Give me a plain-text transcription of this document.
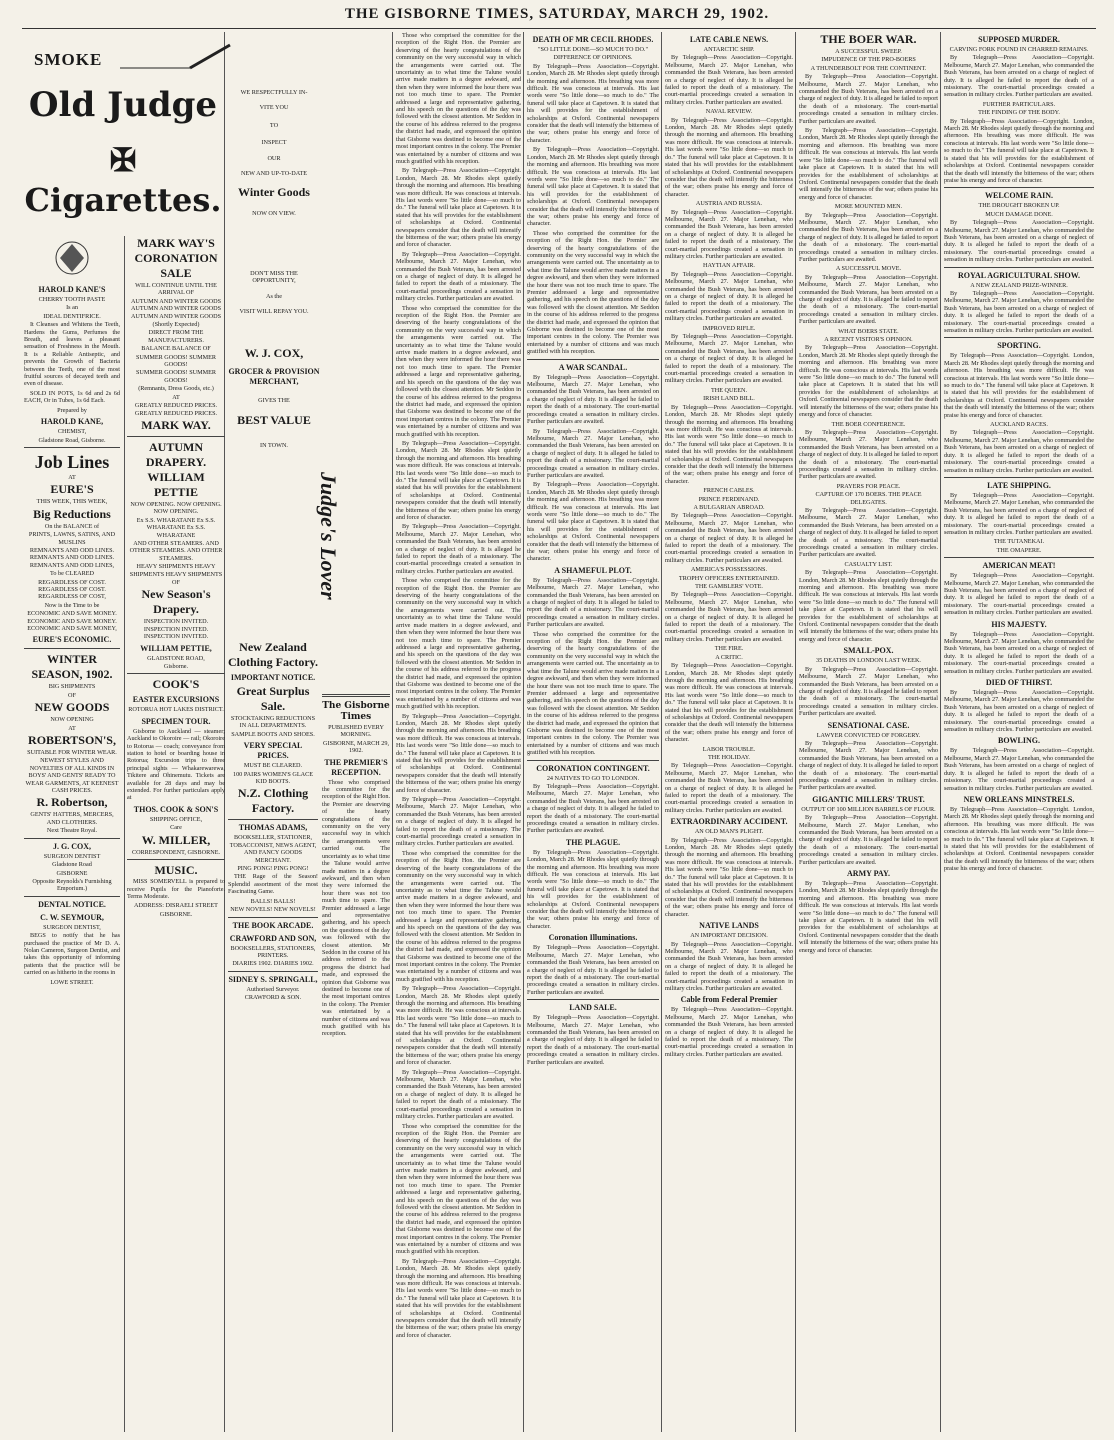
THE GISBORNE TIMES, SATURDAY, MARCH 29, 1902.
SMOKE
Old Judge
✠ Cigarettes.
HAROLD KANE'S
CHERRY TOOTH PASTE
Is an
IDEAL DENTIFRICE.

It Cleanses and Whitens the Teeth, Hardens the Gums, Perfumes the Breath, and leaves a pleasant sensation of Freshness in the Mouth. It is a Reliable Antiseptic, and prevents the Growth of Bacteria between the Teeth, one of the most fruitful sources of decayed teeth and even of disease.

SOLD IN POTS, 1s 6d and 2s 6d EACH, Or in Tubes, 1s 6d Each.

Prepared by
HAROLD KANE,
CHEMIST,
Gladstone Road, Gisborne.
Job Lines
AT
EURE'S
THIS WEEK, THIS WEEK,
Big Reductions
On the BALANCE of
PRINTS, LAWNS, SATINS, AND MUSLINS
REMNANTS AND ODD LINES. REMNANTS AND ODD LINES. REMNANTS AND ODD LINES,
To be CLEARED
REGARDLESS OF COST. REGARDLESS OF COST. REGARDLESS OF COST,
Now is the Time to be
ECONOMIC AND SAVE MONEY. ECONOMIC AND SAVE MONEY. ECONOMIC AND SAVE MONEY,
EURE'S ECONOMIC.
WINTER SEASON, 1902.
BIG SHIPMENTS
OF
NEW GOODS
NOW OPENING
AT
ROBERTSON'S,
SUITABLE FOR WINTER WEAR.
NEWEST STYLES AND NOVELTIES OF ALL KINDS IN BOYS' AND GENTS' READY TO WEAR GARMENTS, AT KEENEST CASH PRICES.
R. Robertson,
GENTS' HATTERS, MERCERS, AND CLOTHIERS.
Next Theatre Royal.
J. G. COX,
SURGEON DENTIST
Gladstone Road
GISBORNE
Opposite Reynolds's Furnishing Emporium.)
DENTAL NOTICE.
C. W. SEYMOUR,
SURGEON DENTIST,

BEGS to notify that he has purchased the practice of Mr D. A. Nolan Cameron, Surgeon Dentist, and takes this opportunity of informing patients that the practice will be carried on as hitherto in the rooms in

LOWE STREET.
MARK WAY'S
CORONATION SALE
WILL CONTINUE UNTIL THE ARRIVAL OF
AUTUMN AND WINTER GOODS AUTUMN AND WINTER GOODS AUTUMN AND WINTER GOODS
(Shortly Expected)
DIRECT FROM THE MANUFACTURERS.
BALANCE BALANCE OF
SUMMER GOODS! SUMMER GOODS!
SUMMER GOODS! SUMMER GOODS!
(Remnants, Dress Goods, etc.)
AT
GREATLY REDUCED PRICES. GREATLY REDUCED PRICES.
MARK WAY.
AUTUMN DRAPERY.
WILLIAM PETTIE
NOW OPENING. NOW OPENING. NOW OPENING.
Ex S.S. WHARATANE Ex S.S. WHARATANE Ex S.S. WHARATANE
AND OTHER STEAMERS. AND OTHER STEAMERS. AND OTHER STEAMERS.
HEAVY SHIPMENTS HEAVY SHIPMENTS HEAVY SHIPMENTS
OF
New Season's Drapery.
INSPECTION INVITED. INSPECTION INVITED. INSPECTION INVITED.
WILLIAM PETTIE,
GLADSTONE ROAD,
Gisborne.
COOK'S
EASTER EXCURSIONS
ROTORUA HOT LAKES DISTRICT.
SPECIMEN TOUR.

Gisborne to Auckland — steamer; Auckland to Okoroire — rail; Okoroire to Rotorua — coach; conveyance from station to hotel or boarding house in Rotorua; Excursion trips to three principal sights — Whakarewarewa, Tikitere and Ohinemutu. Tickets are available for 28 days and may be extended. For further particulars apply at

THOS. COOK & SON'S
SHIPPING OFFICE,
Care
W. MILLER,
CORRESPONDENT, GISBORNE.
MUSIC.

MISS SOMERVELL is prepared to receive Pupils for the Pianoforte. Terms Moderate.

ADDRESS: DISRAELI STREET
GISBORNE.
WE RESPECTFULLY IN-
VITE YOU
TO
INSPECT
OUR
NEW AND UP-TO-DATE
Winter Goods
NOW ON VIEW.
DON'T MISS THE OPPORTUNITY,
As the
VISIT WILL REPAY YOU.
W. J. COX,
GROCER & PROVISION MERCHANT,
GIVES THE
BEST VALUE
IN TOWN.
Judge's Lover
New Zealand Clothing Factory.
IMPORTANT NOTICE.
Great Surplus Sale.
STOCKTAKING REDUCTIONS IN ALL DEPARTMENTS.
SAMPLE BOOTS AND SHOES.
VERY SPECIAL PRICES.
MUST BE CLEARED.
100 PAIRS WOMEN'S GLACE KID BOOTS.
N.Z. Clothing Factory.
THOMAS ADAMS,
BOOKSELLER, STATIONER, TOBACCONIST, NEWS AGENT, AND FANCY GOODS MERCHANT.
PING PONG! PING PONG!

THE Rage of the Season! Splendid assortment of the most Fascinating Game.

BALLS! BALLS!
NEW NOVELS! NEW NOVELS!
THE BOOK ARCADE.
CRAWFORD AND SON,
BOOKSELLERS, STATIONERS, PRINTERS.
DIARIES 1902. DIARIES 1902.
SIDNEY S. SPRINGALL,
Authorised Surveyor.
CRAWFORD & SON.
The Gisborne Times
PUBLISHED EVERY MORNING.
GISBORNE, MARCH 29, 1902.
THE PREMIER'S RECEPTION.

Those who comprised the committee for the reception of the Right Hon. the Premier are deserving of the hearty congratulations of the community on the very successful way in which the arrangements were carried out. The uncertainty as to what time the Talune would arrive made matters in a degree awkward, and then when they were informed the hour there was not too much time to spare. The Premier addressed a large and representative gathering, and his speech on the questions of the day was followed with the closest attention. Mr Seddon in the course of his address referred to the progress the district had made, and expressed the opinion that Gisborne was destined to become one of the most important centres in the colony. The Premier was entertained by a number of citizens and was much gratified with his reception.

Those who comprised the committee for the reception of the Right Hon. the Premier are deserving of the hearty congratulations of the community on the very successful way in which the arrangements were carried out. The uncertainty as to what time the Talune would arrive made matters in a degree awkward, and then when they were informed the hour there was not too much time to spare. The Premier addressed a large and representative gathering, and his speech on the questions of the day was followed with the closest attention. Mr Seddon in the course of his address referred to the progress the district had made, and expressed the opinion that Gisborne was destined to become one of the most important centres in the colony. The Premier was entertained by a number of citizens and was much gratified with his reception.

By Telegraph—Press Association—Copyright. London, March 28. Mr Rhodes slept quietly through the morning and afternoon. His breathing was more difficult. He was conscious at intervals. His last words were "So little done—so much to do." The funeral will take place at Capetown. It is stated that his will provides for the establishment of scholarships at Oxford. Continental newspapers consider that the death will intensify the bitterness of the war; others praise his energy and force of character.

By Telegraph—Press Association—Copyright. Melbourne, March 27. Major Lenehan, who commanded the Bush Veterans, has been arrested on a charge of neglect of duty. It is alleged he failed to report the death of a missionary. The court-martial proceedings created a sensation in military circles. Further particulars are awaited.

Those who comprised the committee for the reception of the Right Hon. the Premier are deserving of the hearty congratulations of the community on the very successful way in which the arrangements were carried out. The uncertainty as to what time the Talune would arrive made matters in a degree awkward, and then when they were informed the hour there was not too much time to spare. The Premier addressed a large and representative gathering, and his speech on the questions of the day was followed with the closest attention. Mr Seddon in the course of his address referred to the progress the district had made, and expressed the opinion that Gisborne was destined to become one of the most important centres in the colony. The Premier was entertained by a number of citizens and was much gratified with his reception.

By Telegraph—Press Association—Copyright. London, March 28. Mr Rhodes slept quietly through the morning and afternoon. His breathing was more difficult. He was conscious at intervals. His last words were "So little done—so much to do." The funeral will take place at Capetown. It is stated that his will provides for the establishment of scholarships at Oxford. Continental newspapers consider that the death will intensify the bitterness of the war; others praise his energy and force of character.

By Telegraph—Press Association—Copyright. Melbourne, March 27. Major Lenehan, who commanded the Bush Veterans, has been arrested on a charge of neglect of duty. It is alleged he failed to report the death of a missionary. The court-martial proceedings created a sensation in military circles. Further particulars are awaited.

Those who comprised the committee for the reception of the Right Hon. the Premier are deserving of the hearty congratulations of the community on the very successful way in which the arrangements were carried out. The uncertainty as to what time the Talune would arrive made matters in a degree awkward, and then when they were informed the hour there was not too much time to spare. The Premier addressed a large and representative gathering, and his speech on the questions of the day was followed with the closest attention. Mr Seddon in the course of his address referred to the progress the district had made, and expressed the opinion that Gisborne was destined to become one of the most important centres in the colony. The Premier was entertained by a number of citizens and was much gratified with his reception.

By Telegraph—Press Association—Copyright. London, March 28. Mr Rhodes slept quietly through the morning and afternoon. His breathing was more difficult. He was conscious at intervals. His last words were "So little done—so much to do." The funeral will take place at Capetown. It is stated that his will provides for the establishment of scholarships at Oxford. Continental newspapers consider that the death will intensify the bitterness of the war; others praise his energy and force of character.

By Telegraph—Press Association—Copyright. Melbourne, March 27. Major Lenehan, who commanded the Bush Veterans, has been arrested on a charge of neglect of duty. It is alleged he failed to report the death of a missionary. The court-martial proceedings created a sensation in military circles. Further particulars are awaited.

Those who comprised the committee for the reception of the Right Hon. the Premier are deserving of the hearty congratulations of the community on the very successful way in which the arrangements were carried out. The uncertainty as to what time the Talune would arrive made matters in a degree awkward, and then when they were informed the hour there was not too much time to spare. The Premier addressed a large and representative gathering, and his speech on the questions of the day was followed with the closest attention. Mr Seddon in the course of his address referred to the progress the district had made, and expressed the opinion that Gisborne was destined to become one of the most important centres in the colony. The Premier was entertained by a number of citizens and was much gratified with his reception.

By Telegraph—Press Association—Copyright. London, March 28. Mr Rhodes slept quietly through the morning and afternoon. His breathing was more difficult. He was conscious at intervals. His last words were "So little done—so much to do." The funeral will take place at Capetown. It is stated that his will provides for the establishment of scholarships at Oxford. Continental newspapers consider that the death will intensify the bitterness of the war; others praise his energy and force of character.

By Telegraph—Press Association—Copyright. Melbourne, March 27. Major Lenehan, who commanded the Bush Veterans, has been arrested on a charge of neglect of duty. It is alleged he failed to report the death of a missionary. The court-martial proceedings created a sensation in military circles. Further particulars are awaited.

Those who comprised the committee for the reception of the Right Hon. the Premier are deserving of the hearty congratulations of the community on the very successful way in which the arrangements were carried out. The uncertainty as to what time the Talune would arrive made matters in a degree awkward, and then when they were informed the hour there was not too much time to spare. The Premier addressed a large and representative gathering, and his speech on the questions of the day was followed with the closest attention. Mr Seddon in the course of his address referred to the progress the district had made, and expressed the opinion that Gisborne was destined to become one of the most important centres in the colony. The Premier was entertained by a number of citizens and was much gratified with his reception.

By Telegraph—Press Association—Copyright. London, March 28. Mr Rhodes slept quietly through the morning and afternoon. His breathing was more difficult. He was conscious at intervals. His last words were "So little done—so much to do." The funeral will take place at Capetown. It is stated that his will provides for the establishment of scholarships at Oxford. Continental newspapers consider that the death will intensify the bitterness of the war; others praise his energy and force of character.

DEATH OF MR CECIL RHODES.
"SO LITTLE DONE—SO MUCH TO DO."
DIFFERENCE OF OPINIONS.

By Telegraph—Press Association—Copyright. London, March 28. Mr Rhodes slept quietly through the morning and afternoon. His breathing was more difficult. He was conscious at intervals. His last words were "So little done—so much to do." The funeral will take place at Capetown. It is stated that his will provides for the establishment of scholarships at Oxford. Continental newspapers consider that the death will intensify the bitterness of the war; others praise his energy and force of character.

By Telegraph—Press Association—Copyright. London, March 28. Mr Rhodes slept quietly through the morning and afternoon. His breathing was more difficult. He was conscious at intervals. His last words were "So little done—so much to do." The funeral will take place at Capetown. It is stated that his will provides for the establishment of scholarships at Oxford. Continental newspapers consider that the death will intensify the bitterness of the war; others praise his energy and force of character.

Those who comprised the committee for the reception of the Right Hon. the Premier are deserving of the hearty congratulations of the community on the very successful way in which the arrangements were carried out. The uncertainty as to what time the Talune would arrive made matters in a degree awkward, and then when they were informed the hour there was not too much time to spare. The Premier addressed a large and representative gathering, and his speech on the questions of the day was followed with the closest attention. Mr Seddon in the course of his address referred to the progress the district had made, and expressed the opinion that Gisborne was destined to become one of the most important centres in the colony. The Premier was entertained by a number of citizens and was much gratified with his reception.

A WAR SCANDAL.

By Telegraph—Press Association—Copyright. Melbourne, March 27. Major Lenehan, who commanded the Bush Veterans, has been arrested on a charge of neglect of duty. It is alleged he failed to report the death of a missionary. The court-martial proceedings created a sensation in military circles. Further particulars are awaited.

By Telegraph—Press Association—Copyright. Melbourne, March 27. Major Lenehan, who commanded the Bush Veterans, has been arrested on a charge of neglect of duty. It is alleged he failed to report the death of a missionary. The court-martial proceedings created a sensation in military circles. Further particulars are awaited.

By Telegraph—Press Association—Copyright. London, March 28. Mr Rhodes slept quietly through the morning and afternoon. His breathing was more difficult. He was conscious at intervals. His last words were "So little done—so much to do." The funeral will take place at Capetown. It is stated that his will provides for the establishment of scholarships at Oxford. Continental newspapers consider that the death will intensify the bitterness of the war; others praise his energy and force of character.

A SHAMEFUL PLOT.

By Telegraph—Press Association—Copyright. Melbourne, March 27. Major Lenehan, who commanded the Bush Veterans, has been arrested on a charge of neglect of duty. It is alleged he failed to report the death of a missionary. The court-martial proceedings created a sensation in military circles. Further particulars are awaited.

Those who comprised the committee for the reception of the Right Hon. the Premier are deserving of the hearty congratulations of the community on the very successful way in which the arrangements were carried out. The uncertainty as to what time the Talune would arrive made matters in a degree awkward, and then when they were informed the hour there was not too much time to spare. The Premier addressed a large and representative gathering, and his speech on the questions of the day was followed with the closest attention. Mr Seddon in the course of his address referred to the progress the district had made, and expressed the opinion that Gisborne was destined to become one of the most important centres in the colony. The Premier was entertained by a number of citizens and was much gratified with his reception.

CORONATION CONTINGENT.
24 NATIVES TO GO TO LONDON.

By Telegraph—Press Association—Copyright. Melbourne, March 27. Major Lenehan, who commanded the Bush Veterans, has been arrested on a charge of neglect of duty. It is alleged he failed to report the death of a missionary. The court-martial proceedings created a sensation in military circles. Further particulars are awaited.

THE PLAGUE.

By Telegraph—Press Association—Copyright. London, March 28. Mr Rhodes slept quietly through the morning and afternoon. His breathing was more difficult. He was conscious at intervals. His last words were "So little done—so much to do." The funeral will take place at Capetown. It is stated that his will provides for the establishment of scholarships at Oxford. Continental newspapers consider that the death will intensify the bitterness of the war; others praise his energy and force of character.

Coronation Illuminations.

By Telegraph—Press Association—Copyright. Melbourne, March 27. Major Lenehan, who commanded the Bush Veterans, has been arrested on a charge of neglect of duty. It is alleged he failed to report the death of a missionary. The court-martial proceedings created a sensation in military circles. Further particulars are awaited.

LAND SALE.

By Telegraph—Press Association—Copyright. Melbourne, March 27. Major Lenehan, who commanded the Bush Veterans, has been arrested on a charge of neglect of duty. It is alleged he failed to report the death of a missionary. The court-martial proceedings created a sensation in military circles. Further particulars are awaited.

LATE CABLE NEWS.
ANTARCTIC SHIP.

By Telegraph—Press Association—Copyright. Melbourne, March 27. Major Lenehan, who commanded the Bush Veterans, has been arrested on a charge of neglect of duty. It is alleged he failed to report the death of a missionary. The court-martial proceedings created a sensation in military circles. Further particulars are awaited.

NAVAL REVIEW.

By Telegraph—Press Association—Copyright. London, March 28. Mr Rhodes slept quietly through the morning and afternoon. His breathing was more difficult. He was conscious at intervals. His last words were "So little done—so much to do." The funeral will take place at Capetown. It is stated that his will provides for the establishment of scholarships at Oxford. Continental newspapers consider that the death will intensify the bitterness of the war; others praise his energy and force of character.

AUSTRIA AND RUSSIA.

By Telegraph—Press Association—Copyright. Melbourne, March 27. Major Lenehan, who commanded the Bush Veterans, has been arrested on a charge of neglect of duty. It is alleged he failed to report the death of a missionary. The court-martial proceedings created a sensation in military circles. Further particulars are awaited.

HAYTIAN AFFAIR.

By Telegraph—Press Association—Copyright. Melbourne, March 27. Major Lenehan, who commanded the Bush Veterans, has been arrested on a charge of neglect of duty. It is alleged he failed to report the death of a missionary. The court-martial proceedings created a sensation in military circles. Further particulars are awaited.

IMPROVED RIFLE.

By Telegraph—Press Association—Copyright. Melbourne, March 27. Major Lenehan, who commanded the Bush Veterans, has been arrested on a charge of neglect of duty. It is alleged he failed to report the death of a missionary. The court-martial proceedings created a sensation in military circles. Further particulars are awaited.

THE QUEEN.
IRISH LAND BILL.

By Telegraph—Press Association—Copyright. London, March 28. Mr Rhodes slept quietly through the morning and afternoon. His breathing was more difficult. He was conscious at intervals. His last words were "So little done—so much to do." The funeral will take place at Capetown. It is stated that his will provides for the establishment of scholarships at Oxford. Continental newspapers consider that the death will intensify the bitterness of the war; others praise his energy and force of character.

FRENCH CABLES.
PRINCE FERDINAND.
A BULGARIAN ABROAD.

By Telegraph—Press Association—Copyright. Melbourne, March 27. Major Lenehan, who commanded the Bush Veterans, has been arrested on a charge of neglect of duty. It is alleged he failed to report the death of a missionary. The court-martial proceedings created a sensation in military circles. Further particulars are awaited.

AMERICA'S POSSESSIONS.
TROPHY OFFICERS ENTERTAINED.
THE GAMBLERS' VOTE.

By Telegraph—Press Association—Copyright. Melbourne, March 27. Major Lenehan, who commanded the Bush Veterans, has been arrested on a charge of neglect of duty. It is alleged he failed to report the death of a missionary. The court-martial proceedings created a sensation in military circles. Further particulars are awaited.

THE FIRE.
A CRITIC.

By Telegraph—Press Association—Copyright. London, March 28. Mr Rhodes slept quietly through the morning and afternoon. His breathing was more difficult. He was conscious at intervals. His last words were "So little done—so much to do." The funeral will take place at Capetown. It is stated that his will provides for the establishment of scholarships at Oxford. Continental newspapers consider that the death will intensify the bitterness of the war; others praise his energy and force of character.

LABOR TROUBLE.
THE HOLIDAY.

By Telegraph—Press Association—Copyright. Melbourne, March 27. Major Lenehan, who commanded the Bush Veterans, has been arrested on a charge of neglect of duty. It is alleged he failed to report the death of a missionary. The court-martial proceedings created a sensation in military circles. Further particulars are awaited.

EXTRAORDINARY ACCIDENT.
AN OLD MAN'S PLIGHT.

By Telegraph—Press Association—Copyright. London, March 28. Mr Rhodes slept quietly through the morning and afternoon. His breathing was more difficult. He was conscious at intervals. His last words were "So little done—so much to do." The funeral will take place at Capetown. It is stated that his will provides for the establishment of scholarships at Oxford. Continental newspapers consider that the death will intensify the bitterness of the war; others praise his energy and force of character.

NATIVE LANDS
AN IMPORTANT DECISION.

By Telegraph—Press Association—Copyright. Melbourne, March 27. Major Lenehan, who commanded the Bush Veterans, has been arrested on a charge of neglect of duty. It is alleged he failed to report the death of a missionary. The court-martial proceedings created a sensation in military circles. Further particulars are awaited.

Cable from Federal Premier

By Telegraph—Press Association—Copyright. Melbourne, March 27. Major Lenehan, who commanded the Bush Veterans, has been arrested on a charge of neglect of duty. It is alleged he failed to report the death of a missionary. The court-martial proceedings created a sensation in military circles. Further particulars are awaited.

THE BOER WAR.
A SUCCESSFUL SWEEP.
IMPUDENCE OF THE PRO-BOERS
A THUNDERBOLT FOR THE CONTINENT.

By Telegraph—Press Association—Copyright. Melbourne, March 27. Major Lenehan, who commanded the Bush Veterans, has been arrested on a charge of neglect of duty. It is alleged he failed to report the death of a missionary. The court-martial proceedings created a sensation in military circles. Further particulars are awaited.

By Telegraph—Press Association—Copyright. London, March 28. Mr Rhodes slept quietly through the morning and afternoon. His breathing was more difficult. He was conscious at intervals. His last words were "So little done—so much to do." The funeral will take place at Capetown. It is stated that his will provides for the establishment of scholarships at Oxford. Continental newspapers consider that the death will intensify the bitterness of the war; others praise his energy and force of character.

MORE MOUNTED MEN.

By Telegraph—Press Association—Copyright. Melbourne, March 27. Major Lenehan, who commanded the Bush Veterans, has been arrested on a charge of neglect of duty. It is alleged he failed to report the death of a missionary. The court-martial proceedings created a sensation in military circles. Further particulars are awaited.

A SUCCESSFUL MOVE.

By Telegraph—Press Association—Copyright. Melbourne, March 27. Major Lenehan, who commanded the Bush Veterans, has been arrested on a charge of neglect of duty. It is alleged he failed to report the death of a missionary. The court-martial proceedings created a sensation in military circles. Further particulars are awaited.

WHAT BOERS STATE.
A RECENT VISITOR'S OPINION.

By Telegraph—Press Association—Copyright. London, March 28. Mr Rhodes slept quietly through the morning and afternoon. His breathing was more difficult. He was conscious at intervals. His last words were "So little done—so much to do." The funeral will take place at Capetown. It is stated that his will provides for the establishment of scholarships at Oxford. Continental newspapers consider that the death will intensify the bitterness of the war; others praise his energy and force of character.

THE BOER CONFERENCE.

By Telegraph—Press Association—Copyright. Melbourne, March 27. Major Lenehan, who commanded the Bush Veterans, has been arrested on a charge of neglect of duty. It is alleged he failed to report the death of a missionary. The court-martial proceedings created a sensation in military circles. Further particulars are awaited.

PRAYERS FOR PEACE.
CAPTURE OF 170 BOERS. THE PEACE DELEGATES.

By Telegraph—Press Association—Copyright. Melbourne, March 27. Major Lenehan, who commanded the Bush Veterans, has been arrested on a charge of neglect of duty. It is alleged he failed to report the death of a missionary. The court-martial proceedings created a sensation in military circles. Further particulars are awaited.

CASUALTY LIST.

By Telegraph—Press Association—Copyright. London, March 28. Mr Rhodes slept quietly through the morning and afternoon. His breathing was more difficult. He was conscious at intervals. His last words were "So little done—so much to do." The funeral will take place at Capetown. It is stated that his will provides for the establishment of scholarships at Oxford. Continental newspapers consider that the death will intensify the bitterness of the war; others praise his energy and force of character.

SMALL-POX.
35 DEATHS IN LONDON LAST WEEK.

By Telegraph—Press Association—Copyright. Melbourne, March 27. Major Lenehan, who commanded the Bush Veterans, has been arrested on a charge of neglect of duty. It is alleged he failed to report the death of a missionary. The court-martial proceedings created a sensation in military circles. Further particulars are awaited.

SENSATIONAL CASE.
LAWYER CONVICTED OF FORGERY.

By Telegraph—Press Association—Copyright. Melbourne, March 27. Major Lenehan, who commanded the Bush Veterans, has been arrested on a charge of neglect of duty. It is alleged he failed to report the death of a missionary. The court-martial proceedings created a sensation in military circles. Further particulars are awaited.

GIGANTIC MILLERS' TRUST.
OUTPUT OF 100 MILLION BARRELS OF FLOUR.

By Telegraph—Press Association—Copyright. Melbourne, March 27. Major Lenehan, who commanded the Bush Veterans, has been arrested on a charge of neglect of duty. It is alleged he failed to report the death of a missionary. The court-martial proceedings created a sensation in military circles. Further particulars are awaited.

ARMY PAY.

By Telegraph—Press Association—Copyright. London, March 28. Mr Rhodes slept quietly through the morning and afternoon. His breathing was more difficult. He was conscious at intervals. His last words were "So little done—so much to do." The funeral will take place at Capetown. It is stated that his will provides for the establishment of scholarships at Oxford. Continental newspapers consider that the death will intensify the bitterness of the war; others praise his energy and force of character.

SUPPOSED MURDER.
CARVING FORK FOUND IN CHARRED REMAINS.

By Telegraph—Press Association—Copyright. Melbourne, March 27. Major Lenehan, who commanded the Bush Veterans, has been arrested on a charge of neglect of duty. It is alleged he failed to report the death of a missionary. The court-martial proceedings created a sensation in military circles. Further particulars are awaited.

FURTHER PARTICULARS.
THE FINDING OF THE BODY.

By Telegraph—Press Association—Copyright. London, March 28. Mr Rhodes slept quietly through the morning and afternoon. His breathing was more difficult. He was conscious at intervals. His last words were "So little done—so much to do." The funeral will take place at Capetown. It is stated that his will provides for the establishment of scholarships at Oxford. Continental newspapers consider that the death will intensify the bitterness of the war; others praise his energy and force of character.

WELCOME RAIN.
THE DROUGHT BROKEN UP.
MUCH DAMAGE DONE.

By Telegraph—Press Association—Copyright. Melbourne, March 27. Major Lenehan, who commanded the Bush Veterans, has been arrested on a charge of neglect of duty. It is alleged he failed to report the death of a missionary. The court-martial proceedings created a sensation in military circles. Further particulars are awaited.

ROYAL AGRICULTURAL SHOW.
A NEW ZEALAND PRIZE-WINNER.

By Telegraph—Press Association—Copyright. Melbourne, March 27. Major Lenehan, who commanded the Bush Veterans, has been arrested on a charge of neglect of duty. It is alleged he failed to report the death of a missionary. The court-martial proceedings created a sensation in military circles. Further particulars are awaited.

SPORTING.

By Telegraph—Press Association—Copyright. London, March 28. Mr Rhodes slept quietly through the morning and afternoon. His breathing was more difficult. He was conscious at intervals. His last words were "So little done—so much to do." The funeral will take place at Capetown. It is stated that his will provides for the establishment of scholarships at Oxford. Continental newspapers consider that the death will intensify the bitterness of the war; others praise his energy and force of character.

AUCKLAND RACES.

By Telegraph—Press Association—Copyright. Melbourne, March 27. Major Lenehan, who commanded the Bush Veterans, has been arrested on a charge of neglect of duty. It is alleged he failed to report the death of a missionary. The court-martial proceedings created a sensation in military circles. Further particulars are awaited.

LATE SHIPPING.

By Telegraph—Press Association—Copyright. Melbourne, March 27. Major Lenehan, who commanded the Bush Veterans, has been arrested on a charge of neglect of duty. It is alleged he failed to report the death of a missionary. The court-martial proceedings created a sensation in military circles. Further particulars are awaited.

THE TUTANEKAI.
THE OMAPERE.
AMERICAN MEAT!

By Telegraph—Press Association—Copyright. Melbourne, March 27. Major Lenehan, who commanded the Bush Veterans, has been arrested on a charge of neglect of duty. It is alleged he failed to report the death of a missionary. The court-martial proceedings created a sensation in military circles. Further particulars are awaited.

HIS MAJESTY.

By Telegraph—Press Association—Copyright. Melbourne, March 27. Major Lenehan, who commanded the Bush Veterans, has been arrested on a charge of neglect of duty. It is alleged he failed to report the death of a missionary. The court-martial proceedings created a sensation in military circles. Further particulars are awaited.

DIED OF THIRST.

By Telegraph—Press Association—Copyright. Melbourne, March 27. Major Lenehan, who commanded the Bush Veterans, has been arrested on a charge of neglect of duty. It is alleged he failed to report the death of a missionary. The court-martial proceedings created a sensation in military circles. Further particulars are awaited.

BOWLING.

By Telegraph—Press Association—Copyright. Melbourne, March 27. Major Lenehan, who commanded the Bush Veterans, has been arrested on a charge of neglect of duty. It is alleged he failed to report the death of a missionary. The court-martial proceedings created a sensation in military circles. Further particulars are awaited.

NEW ORLEANS MINSTRELS.

By Telegraph—Press Association—Copyright. London, March 28. Mr Rhodes slept quietly through the morning and afternoon. His breathing was more difficult. He was conscious at intervals. His last words were "So little done—so much to do." The funeral will take place at Capetown. It is stated that his will provides for the establishment of scholarships at Oxford. Continental newspapers consider that the death will intensify the bitterness of the war; others praise his energy and force of character.
